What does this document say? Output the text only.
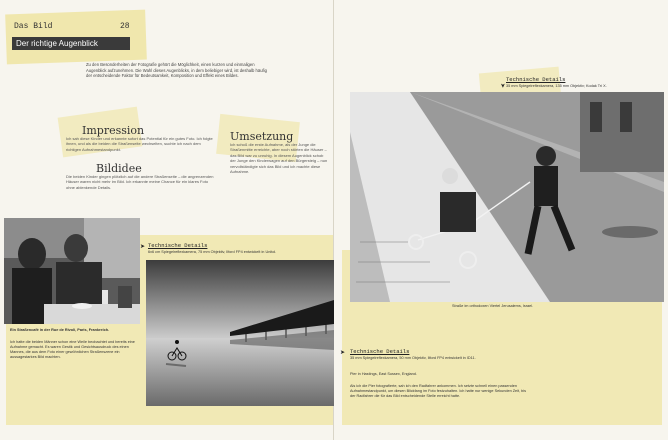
Das Bild	28
Der richtige Augenblick
Zu den Besonderheiten der Fotografie gehört die Möglichkeit, einen kurzen und einmaligen Augenblick aufzunehmen. Die Wahl dieses Augenblicks, in dem beliebiger wird, ist deshalb häufig der entscheidende Faktor für Bedeutsamkeit, Komposition und Effekt eines Bildes.
Impression
Ich sah diese Kinder und erkannte sofort das Potential für ein gutes Foto. Ich folgte ihnen, und als die beiden die Straßenseite wechselten, suchte ich nach dem richtigen Aufnahmestandpunkt.
Bildidee
Die beiden Kinder gingen plötzlich auf die andere Straßenseite – die angrenzenden Häuser waren nicht mehr im Bild. Ich erkannte meine Chance für ein klares Foto ohne ablenkende Details.
Umsetzung
Ich schoß die erste Aufnahme, als der Junge die Straßenmitte erreichte, aber noch störten die Häuser – das Bild war zu unruhig. In diesem Augenblick schob der Junge den Kinderwagen auf den Bürgersteig – nun vervollständigte sich das Bild und ich machte diese Aufnahme.
➤ Technische Details
6x6 cm Spiegelreflexkamera, 75 mm Objektiv, Ilford FP4 entwickelt in Unitol.
Technische Details
➤ 35 mm Spiegelreflexkamera, 135 mm Objektiv; Kodak Tri X.
➤ Technische Details
35 mm Spiegelreflexkamera, 50 mm Objektiv, Ilford FP4 entwickelt in ID11.
Ein Straßencafé in der Rue de Rivoli, Paris, Frankreich.
Ich hatte die beiden Männer schon eine Weile beobachtet und bereits eine Aufnahme gemacht. Es waren Gestik und Gesichtsausdruck des einen Mannes, die aus dem Foto einer gewöhnlichen Straßenszene ein aussagestarkes Bild machten.
Straße im orthodoxen Viertel Jerusalems, Israel.
Pier in Hastings, East Sussex, England.
Als ich die Pier fotografierte, sah ich den Radfahrer ankommen. Ich setzte schnell einen passenden Aufnahmestandpunkt, um diesen Blickfang im Foto festzuhalten. Ich hatte nur wenige Sekunden Zeit, bis der Radfahrer die für das Bild entscheidende Stelle erreicht hatte.
